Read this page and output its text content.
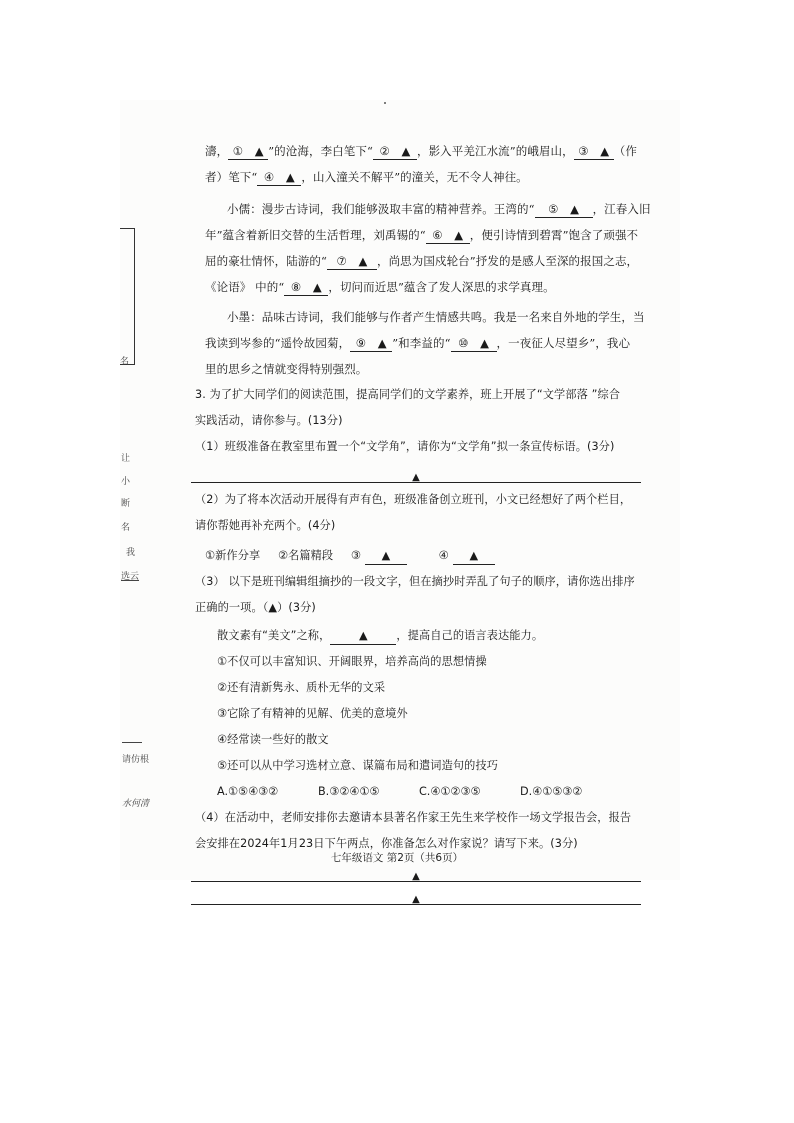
名
让
小
断
名
我
选云
请仿根
水何清

濤， ①　▲　”的沧海，李白笔下“ ②　▲ ，影入平羌江水流”的峨眉山， ③　▲ （作

者）笔下“ ④　▲ ，山入潼关不解平”的潼关，无不令人神往。

小儒：漫步古诗词，我们能够汲取丰富的精神营养。王湾的“ ⑤　▲ ，江春入旧

年”蕴含着新旧交替的生活哲理，刘禹锡的“ ⑥　▲ ，便引诗情到碧霄”饱含了顽强不

屈的豪壮情怀，陆游的“ ⑦　▲ ，尚思为国戍轮台”抒发的是感人至深的报国之志，

《论语》 中的“ ⑧　▲ ，切问而近思”蕴含了发人深思的求学真理。

小墨：品味古诗词，我们能够与作者产生情感共鸣。我是一名来自外地的学生，当

我读到岑参的“遥怜故园菊， ⑨　▲ ”和李益的“ ⑩　▲ ，一夜征人尽望乡”，我心

里的思乡之情就变得特别强烈。

3. 为了扩大同学们的阅读范围，提高同学们的文学素养，班上开展了“文学部落 ”综合

实践活动，请你参与。(13分)

（1）班级准备在教室里布置一个“文学角”，请你为“文学角”拟一条宣传标语。(3分)

▲

（2）为了将本次活动开展得有声有色，班级准备创立班刊，小文已经想好了两个栏目，

请你帮她再补充两个。(4分)

①新作分享 ②名篇精段 ③ ▲	④ ▲

（3） 以下是班刊编辑组摘抄的一段文字，但在摘抄时弄乱了句子的顺序，请你选出排序

正确的一项。（▲）(3分)

散文素有“美文”之称，	▲	，提高自己的语言表达能力。

①不仅可以丰富知识、开阔眼界，培养高尚的思想情操

②还有清新隽永、质朴无华的文采

③它除了有精神的见解、优美的意境外

④经常读一些好的散文

⑤还可以从中学习选材立意、谋篇布局和遣词造句的技巧

A.①⑤④③②	B.③②④①⑤	C.④①②③⑤	D.④①⑤③②

（4）在活动中，老师安排你去邀请本县著名作家王先生来学校作一场文学报告会，报告

会安排在2024年1月23日下午两点，你准备怎么对作家说？请写下来。(3分)

▲
▲
七年级语文 第2页（共6页）
